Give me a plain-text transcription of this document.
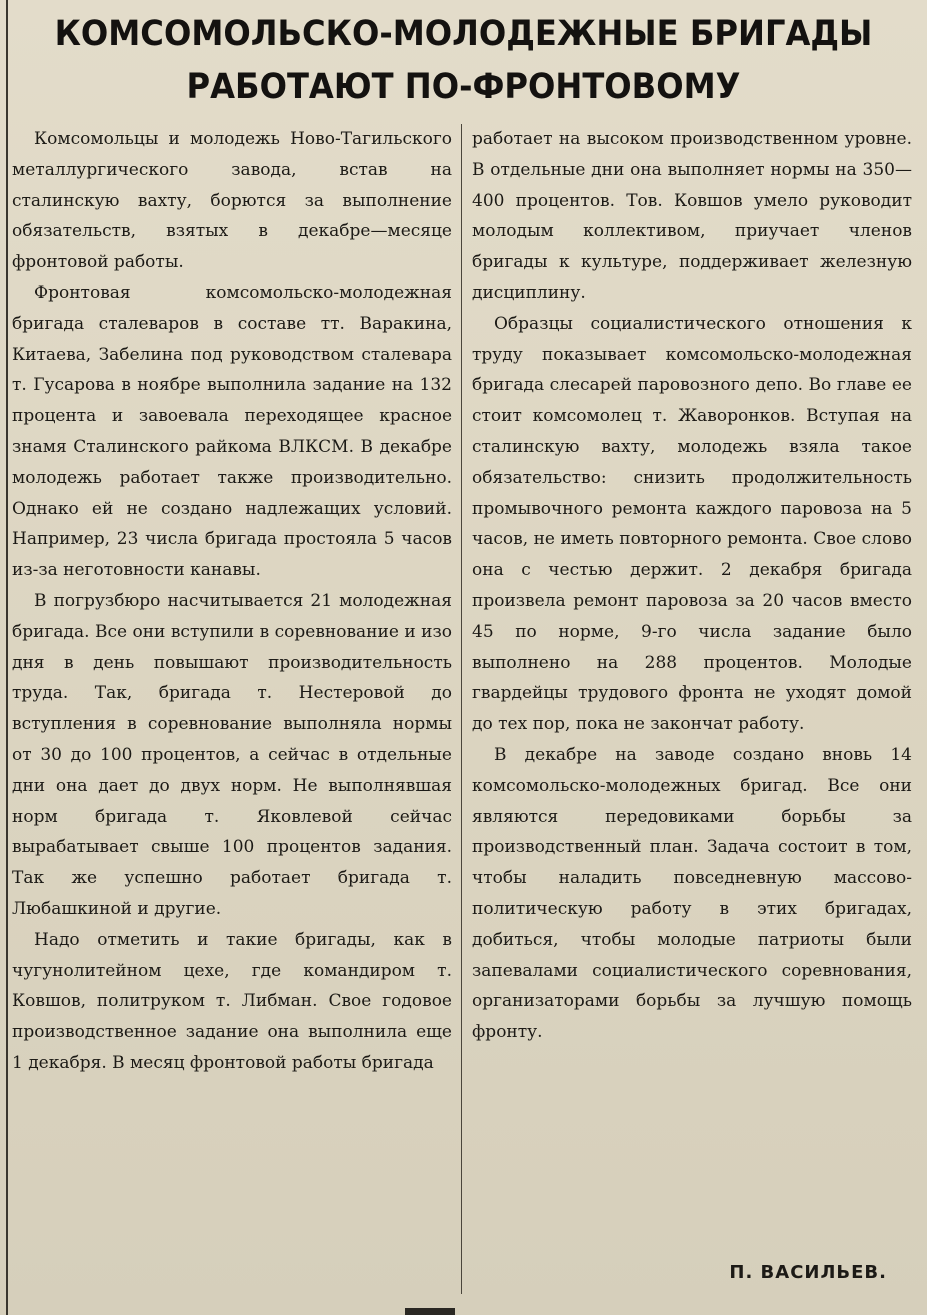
КОМСОМОЛЬСКО-МОЛОДЕЖНЫЕ БРИГАДЫ
РАБОТАЮТ ПО-ФРОНТОВОМУ

Комсомольцы и молодежь Ново-Тагильского металлургического завода, встав на сталинскую вахту, борются за выполнение обязательств, взятых в декабре—месяце фронтовой работы.

Фронтовая комсомольско-молодежная бригада сталеваров в составе тт. Варакина, Китаева, Забелина под руководством сталевара т. Гусарова в ноябре выполнила задание на 132 процента и завоевала переходящее красное знамя Сталинского райкома ВЛКСМ. В декабре молодежь работает также производительно. Однако ей не создано надлежащих условий. Например, 23 числа бригада простояла 5 часов из-за неготовности канавы.

В погрузбюро насчитывается 21 молодежная бригада. Все они вступили в соревнование и изо дня в день повышают производительность труда. Так, бригада т. Нестеровой до вступления в соревнование выполняла нормы от 30 до 100 процентов, а сейчас в отдельные дни она дает до двух норм. Не выполнявшая норм бригада т. Яковлевой сейчас вырабатывает свыше 100 процентов задания. Так же успешно работает бригада т. Любашкиной и другие.

Надо отметить и такие бригады, как в чугунолитейном цехе, где командиром т. Ковшов, политруком т. Либман. Свое годовое производственное задание она выполнила еще 1 декабря. В месяц фронтовой работы бригада

работает на высоком производственном уровне. В отдельные дни она выполняет нормы на 350—400 процентов. Тов. Ковшов умело руководит молодым коллективом, приучает членов бригады к культуре, поддерживает железную дисциплину.

Образцы социалистического отношения к труду показывает комсомольско-молодежная бригада слесарей паровозного депо. Во главе ее стоит комсомолец т. Жаворонков. Вступая на сталинскую вахту, молодежь взяла такое обязательство: снизить продолжительность промывочного ремонта каждого паровоза на 5 часов, не иметь повторного ремонта. Свое слово она с честью держит. 2 декабря бригада произвела ремонт паровоза за 20 часов вместо 45 по норме, 9-го числа задание было выполнено на 288 процентов. Молодые гвардейцы трудового фронта не уходят домой до тех пор, пока не закончат работу.

В декабре на заводе создано вновь 14 комсомольско-молодежных бригад. Все они являются передовиками борьбы за производственный план. Задача состоит в том, чтобы наладить повседневную массово-политическую работу в этих бригадах, добиться, чтобы молодые патриоты были запевалами социалистического соревнования, организаторами борьбы за лучшую помощь фронту.

П. ВАСИЛЬЕВ.
